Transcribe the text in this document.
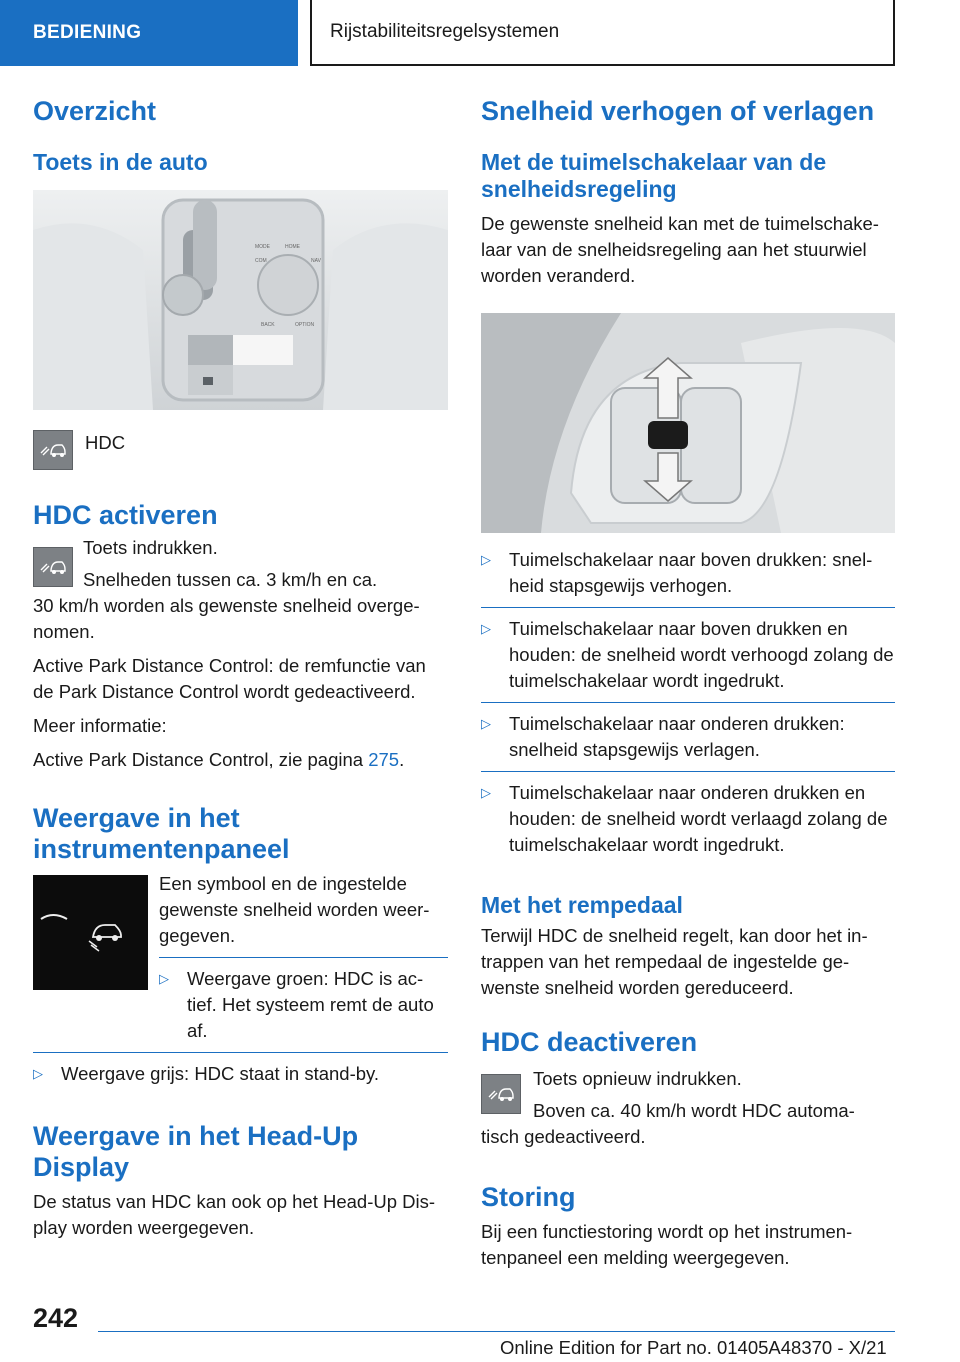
BEDIENING	Rijstabiliteitsregelsystemen
Overzicht
Toets in de auto
MODE	HOME
COM	NAV
BACK	OPTION

HDC

HDC activeren

Toets indrukken.

Snelheden tussen ca. 3 km/h en ca.

30 km/h worden als gewenste snelheid overge-nomen.

Active Park Distance Control: de remfunctie van de Park Distance Control wordt gedeactiveerd.

Meer informatie:

Active Park Distance Control, zie pagina 275.

Weergave in het instrumentenpaneel

Een symbool en de ingestelde gewenste snelheid worden weer-gegeven.

▷ Weergave groen: HDC is ac-tief. Het systeem remt de auto af.

▷ Weergave grijs: HDC staat in stand-by.

Weergave in het Head-Up Display

De status van HDC kan ook op het Head-Up Dis-play worden weergegeven.

Snelheid verhogen of verlagen
Met de tuimelschakelaar van de snelheidsregeling

De gewenste snelheid kan met de tuimelschake-laar van de snelheidsregeling aan het stuurwiel worden veranderd.

▷ Tuimelschakelaar naar boven drukken: snel-heid stapsgewijs verhogen.

▷ Tuimelschakelaar naar boven drukken en houden: de snelheid wordt verhoogd zolang de tuimelschakelaar wordt ingedrukt.

▷ Tuimelschakelaar naar onderen drukken: snelheid stapsgewijs verlagen.

▷ Tuimelschakelaar naar onderen drukken en houden: de snelheid wordt verlaagd zolang de tuimelschakelaar wordt ingedrukt.

Met het rempedaal

Terwijl HDC de snelheid regelt, kan door het in-trappen van het rempedaal de ingestelde ge-wenste snelheid worden gereduceerd.

HDC deactiveren

Toets opnieuw indrukken.

Boven ca. 40 km/h wordt HDC automa-

tisch gedeactiveerd.

Storing

Bij een functiestoring wordt op het instrumen-tenpaneel een melding weergegeven.

242
Online Edition for Part no. 01405A48370 - X/21
